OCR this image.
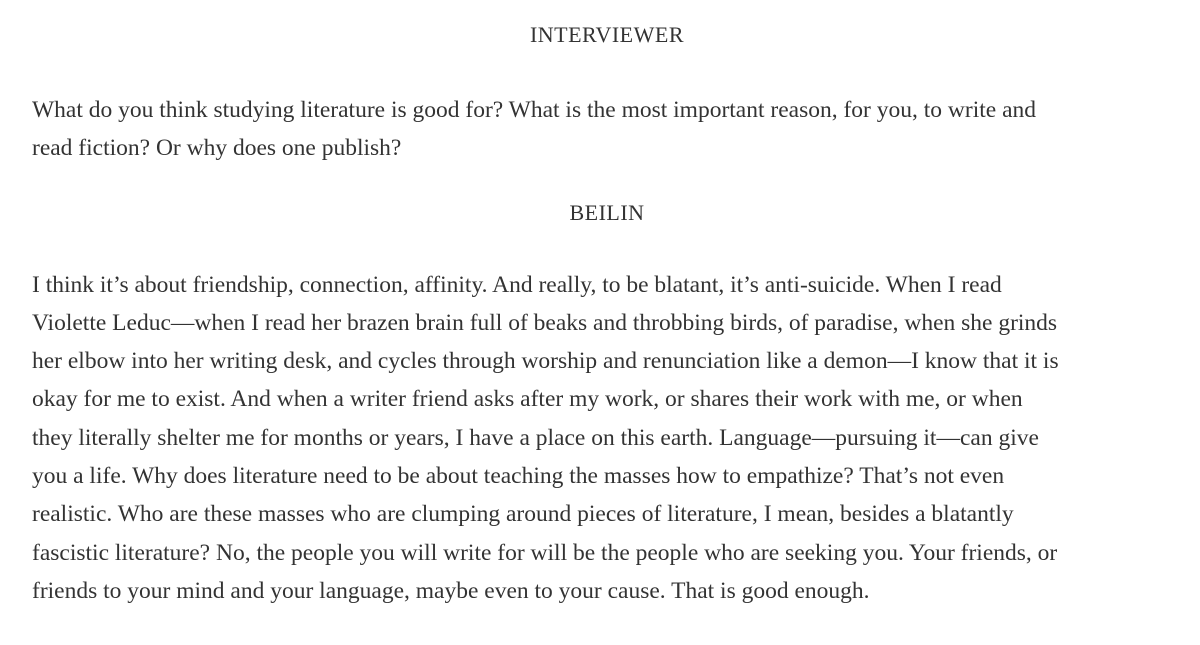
INTERVIEWER

What do you think studying literature is good for? What is the most important reason, for you, to write and
read fiction? Or why does one publish?

BEILIN

I think it’s about friendship, connection, affinity. And really, to be blatant, it’s anti-suicide. When I read
Violette Leduc—when I read her brazen brain full of beaks and throbbing birds, of paradise, when she grinds
her elbow into her writing desk, and cycles through worship and renunciation like a demon—I know that it is
okay for me to exist. And when a writer friend asks after my work, or shares their work with me, or when
they literally shelter me for months or years, I have a place on this earth. Language—pursuing it—can give
you a life. Why does literature need to be about teaching the masses how to empathize? That’s not even
realistic. Who are these masses who are clumping around pieces of literature, I mean, besides a blatantly
fascistic literature? No, the people you will write for will be the people who are seeking you. Your friends, or
friends to your mind and your language, maybe even to your cause. That is good enough.
